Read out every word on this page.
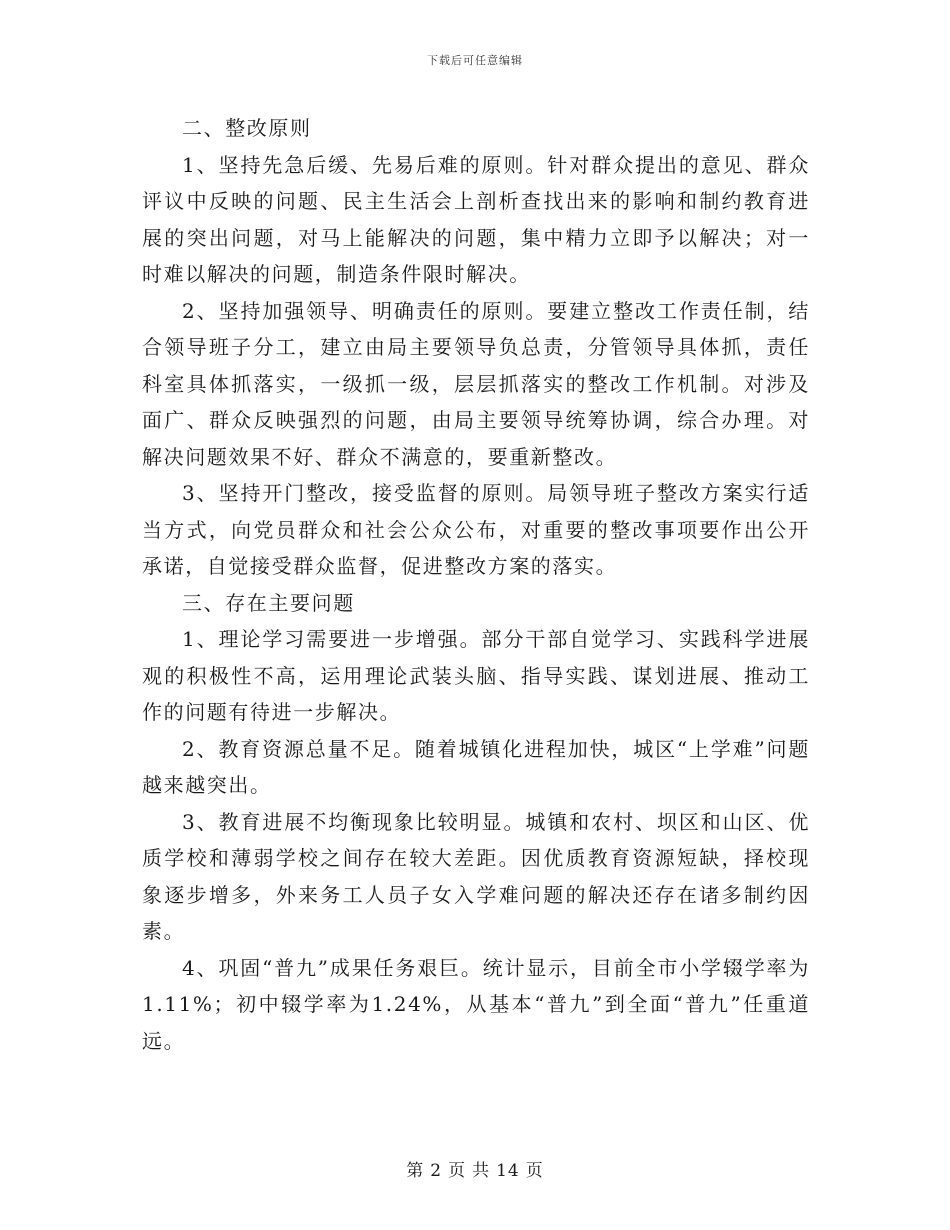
下载后可任意编辑

二、整改原则

1、坚持先急后缓、先易后难的原则。针对群众提出的意见、群众评议中反映的问题、民主生活会上剖析查找出来的影响和制约教育进展的突出问题，对马上能解决的问题，集中精力立即予以解决；对一时难以解决的问题，制造条件限时解决。

2、坚持加强领导、明确责任的原则。要建立整改工作责任制，结合领导班子分工，建立由局主要领导负总责，分管领导具体抓，责任科室具体抓落实，一级抓一级，层层抓落实的整改工作机制。对涉及面广、群众反映强烈的问题，由局主要领导统筹协调，综合办理。对解决问题效果不好、群众不满意的，要重新整改。

3、坚持开门整改，接受监督的原则。局领导班子整改方案实行适当方式，向党员群众和社会公众公布，对重要的整改事项要作出公开承诺，自觉接受群众监督，促进整改方案的落实。

三、存在主要问题

1、理论学习需要进一步增强。部分干部自觉学习、实践科学进展观的积极性不高，运用理论武装头脑、指导实践、谋划进展、推动工作的问题有待进一步解决。

2、教育资源总量不足。随着城镇化进程加快，城区“上学难”问题越来越突出。

3、教育进展不均衡现象比较明显。城镇和农村、坝区和山区、优质学校和薄弱学校之间存在较大差距。因优质教育资源短缺，择校现象逐步增多，外来务工人员子女入学难问题的解决还存在诸多制约因素。

4、巩固“普九”成果任务艰巨。统计显示，目前全市小学辍学率为1.11%；初中辍学率为1.24%，从基本“普九”到全面“普九”任重道远。

第 2 页 共 14 页
